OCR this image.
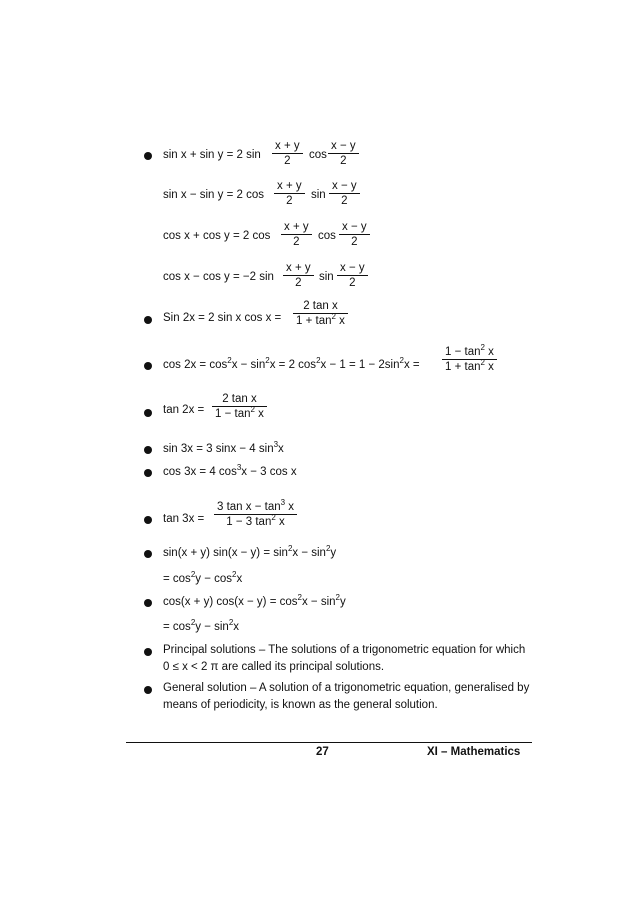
sin x + sin y = 2 sin
x + y
2 cos
x − y
2
sin x − sin y = 2 cos
x + y
2 sin
x − y
2
cos x + cos y = 2 cos
x + y
2 cos
x − y
2
cos x − cos y = −2 sin
x + y
2 sin
x − y
2
Sin 2x = 2 sin x cos x =
2 tan x
$1 + \tan^2 x$
$\cos 2x = \cos^2x - \sin^2x = 2$ $\cos^2x - 1 = 1 - 2\sin^2x$ =
$1 - \tan^2 x$
$1 + \tan^2 x$
tan 2x =
2 tan x
$1 - \tan^2 x$
sin 3x = 3 sinx − 4 $\sin^3x$
cos 3x = 4 $\cos^3x - 3$ cos x
tan 3x =
3 $\tan x - \tan^3 x$
1 − 3 $\tan^2 x$
sin(x + y) $\sin(x - y) = \sin^2x - \sin^2y$
= $\cos^2y - \cos^2x$
cos(x + y) $\cos(x - y) = \cos^2x - \sin^2y$
= $\cos^2y - \sin^2x$
Principal solutions – The solutions of a trigonometric equation for which 0 ≤ x < 2 π are called its principal solutions.
General solution – A solution of a trigonometric equation, generalised by means of periodicity, is known as the general solution.
27	XI – Mathematics
